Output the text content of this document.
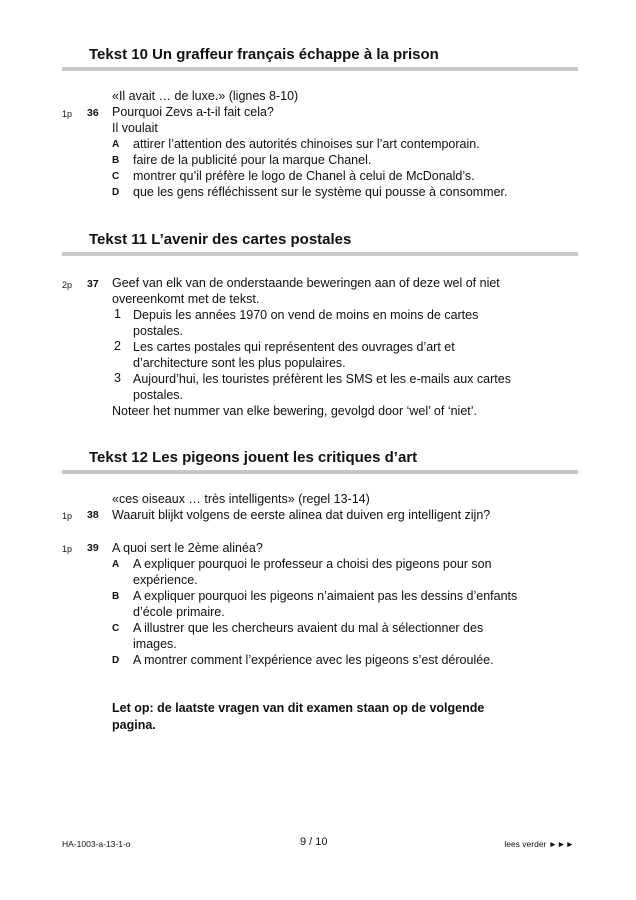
Tekst 10 Un graffeur français échappe à la prison
«Il avait … de luxe.» (lignes 8-10)
1p 36 Pourquoi Zevs a-t-il fait cela?
Il voulait
A attirer l’attention des autorités chinoises sur l’art contemporain.
B faire de la publicité pour la marque Chanel.
C montrer qu’il préfère le logo de Chanel à celui de McDonald’s.
D que les gens réfléchissent sur le système qui pousse à consommer.
Tekst 11 L’avenir des cartes postales
2p 37 Geef van elk van de onderstaande beweringen aan of deze wel of niet
overeenkomt met de tekst.
1 Depuis les années 1970 on vend de moins en moins de cartes
postales.
2 Les cartes postales qui représentent des ouvrages d’art et
d’architecture sont les plus populaires.
3 Aujourd’hui, les touristes préfèrent les SMS et les e-mails aux cartes
postales.
Noteer het nummer van elke bewering, gevolgd door ‘wel’ of ‘niet’.
Tekst 12 Les pigeons jouent les critiques d’art
«ces oiseaux … très intelligents» (regel 13-14)
1p 38 Waaruit blijkt volgens de eerste alinea dat duiven erg intelligent zijn?
1p 39 A quoi sert le 2ème alinéa?
A A expliquer pourquoi le professeur a choisi des pigeons pour son
expérience.
B A expliquer pourquoi les pigeons n’aimaient pas les dessins d’enfants
d’école primaire.
C A illustrer que les chercheurs avaient du mal à sélectionner des
images.
D A montrer comment l’expérience avec les pigeons s’est déroulée.
Let op: de laatste vragen van dit examen staan op de volgende
pagina.
HA-1003-a-13-1-o	9 / 10	lees verder ►►►
